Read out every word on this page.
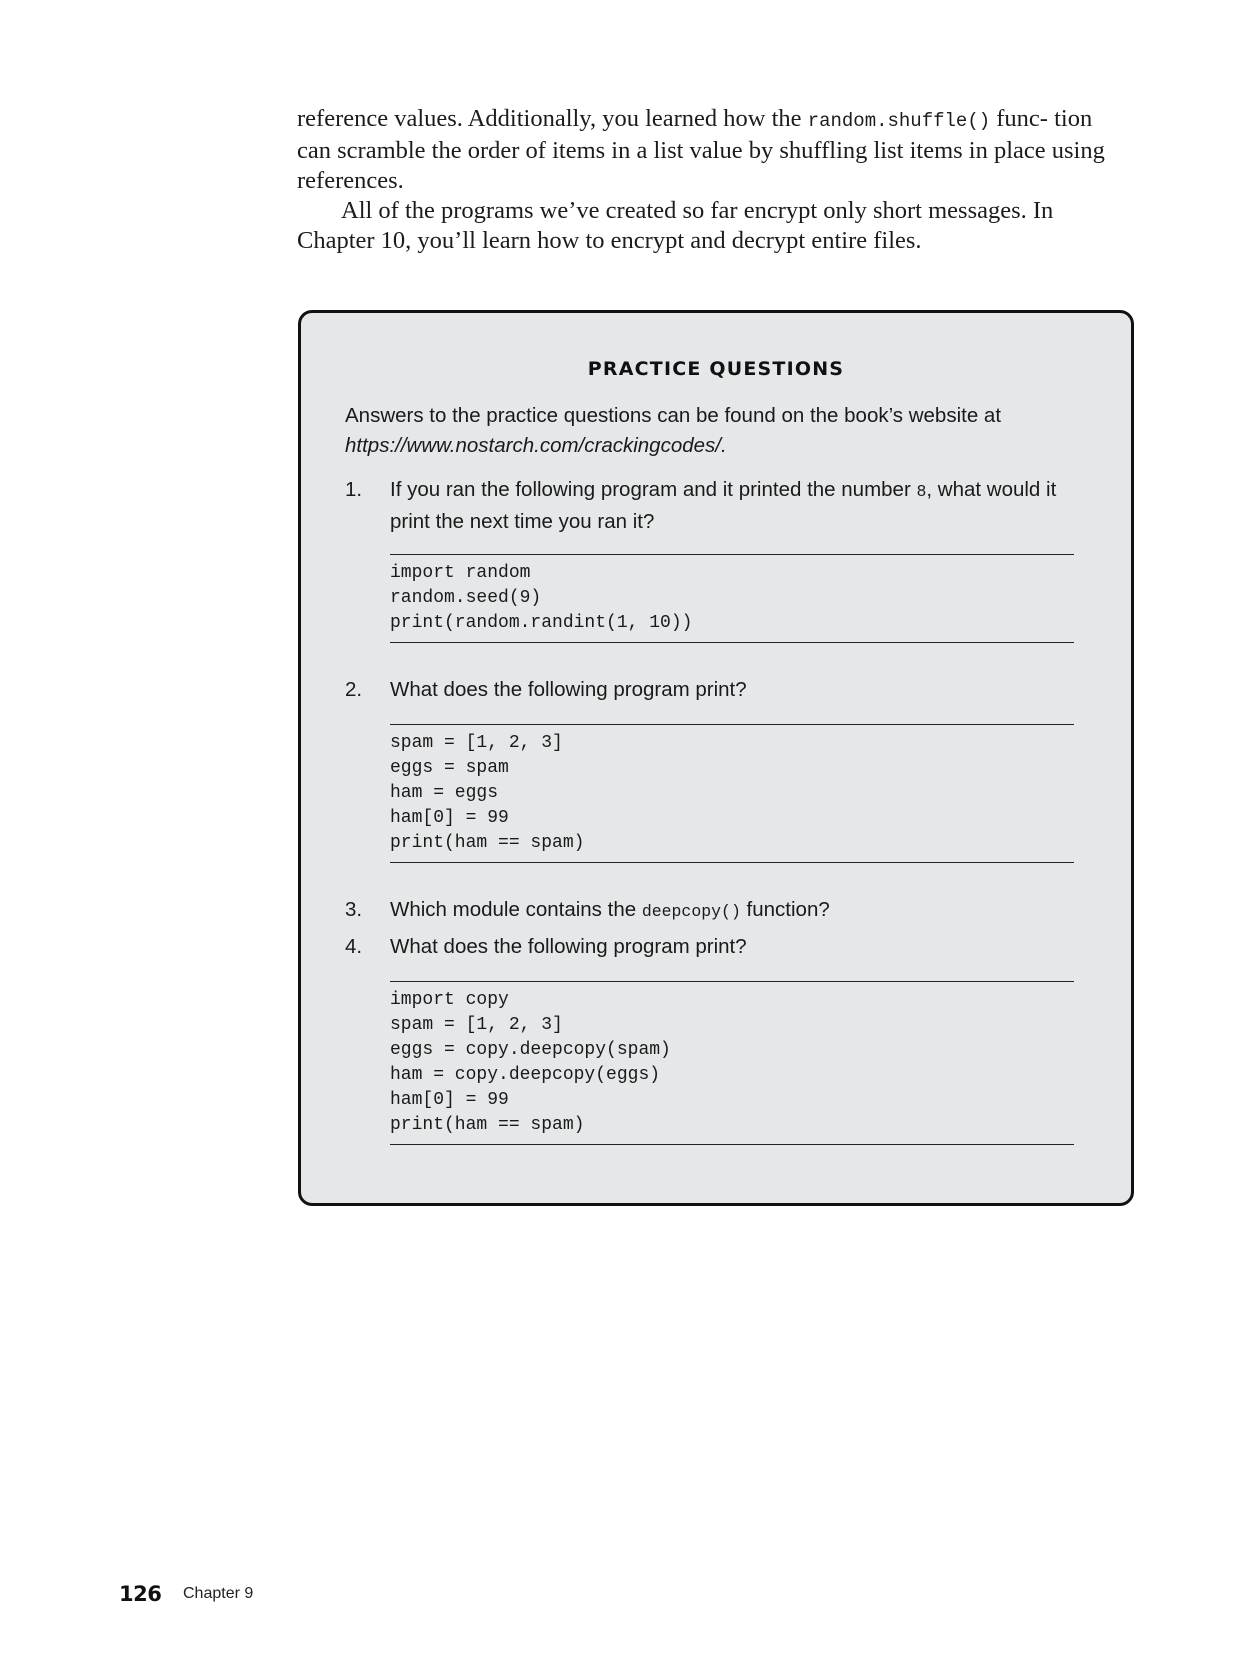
reference values. Additionally, you learned how the random.shuffle() func- tion can scramble the order of items in a list value by shuffling list items in place using references.

All of the programs we’ve created so far encrypt only short messages. In Chapter 10, you’ll learn how to encrypt and decrypt entire files.

PRACTICE QUESTIONS
Answers to the practice questions can be found on the book’s website at
https://www.nostarch.com/crackingcodes/.
1. If you ran the following program and it printed the number 8, what would it print the next time you ran it?
import random
random.seed(9)
print(random.randint(1, 10))
2. What does the following program print?
spam = [1, 2, 3]
eggs = spam
ham = eggs
ham[0] = 99
print(ham == spam)
3. Which module contains the deepcopy() function?
4. What does the following program print?
import copy
spam = [1, 2, 3]
eggs = copy.deepcopy(spam)
ham = copy.deepcopy(eggs)
ham[0] = 99
print(ham == spam)
126 Chapter 9
